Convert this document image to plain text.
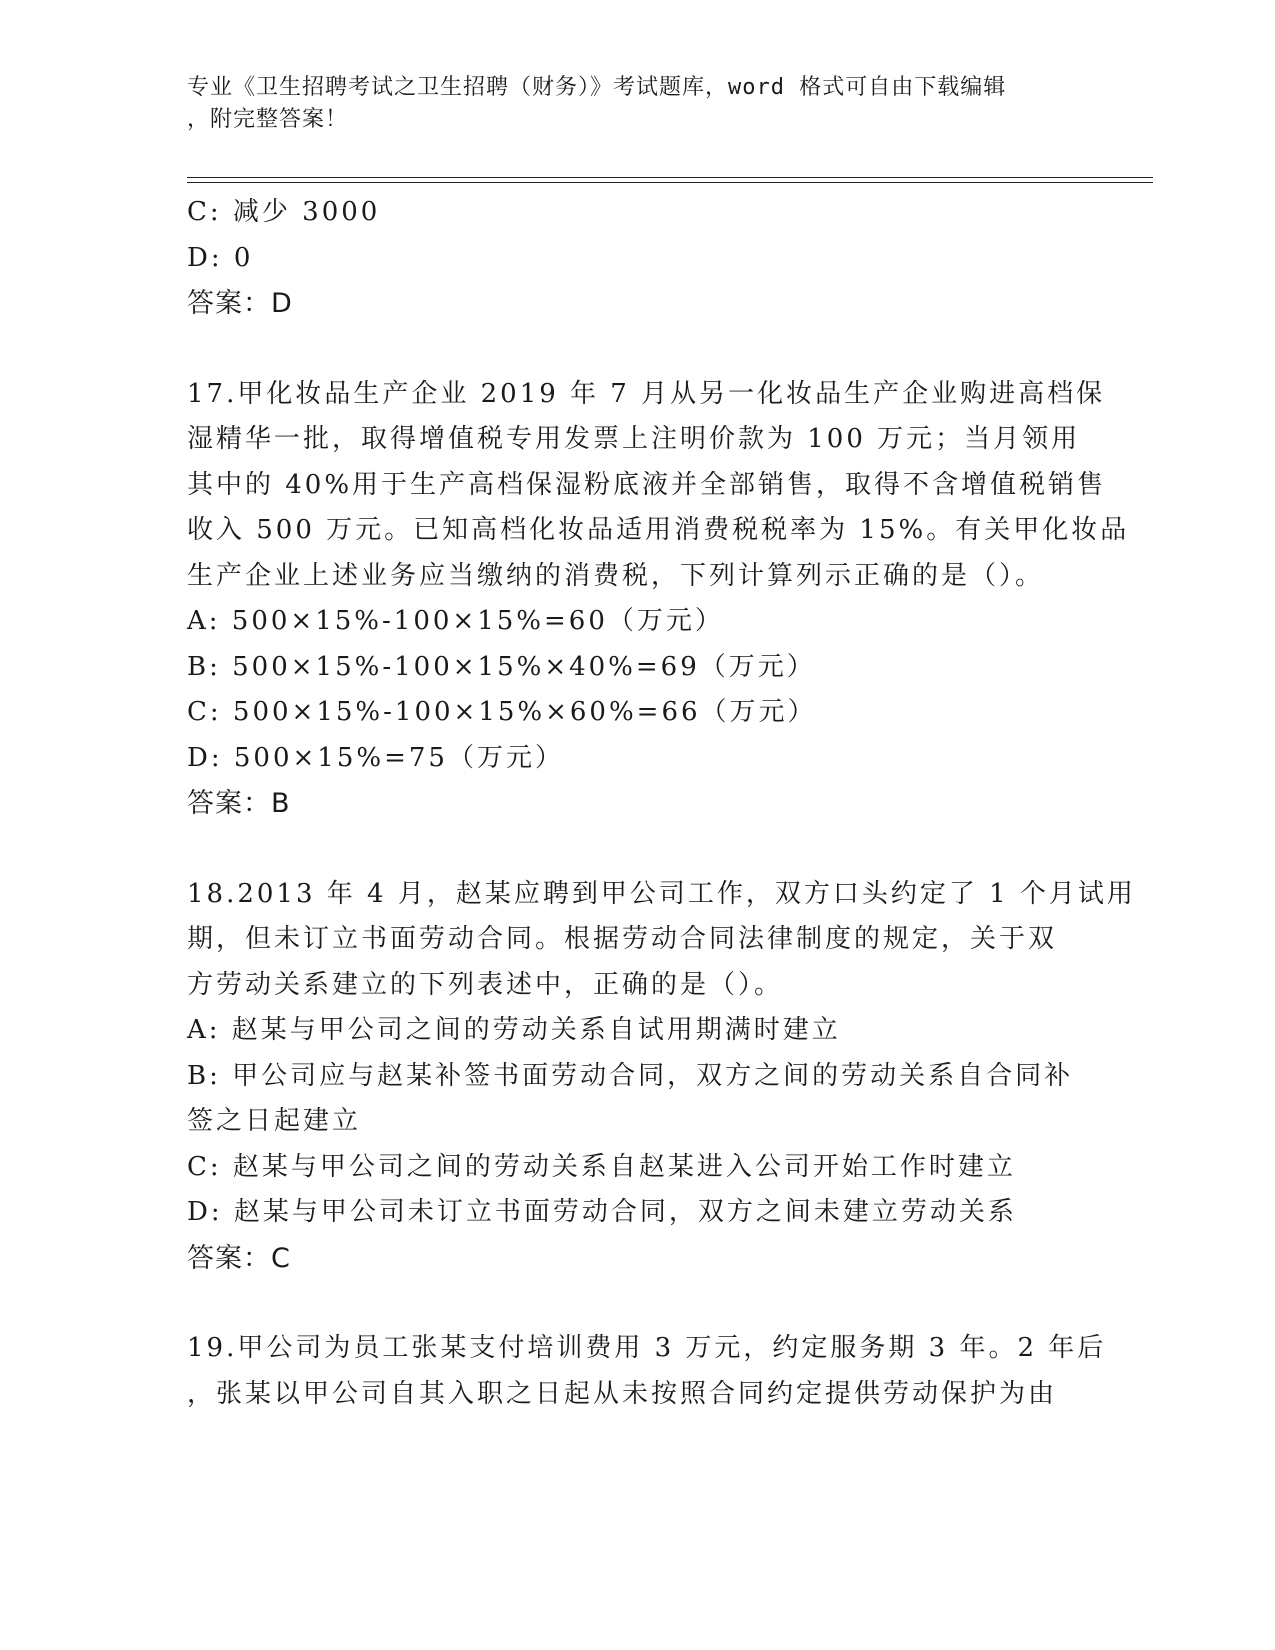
专业《卫生招聘考试之卫生招聘（财务）》考试题库，word 格式可自由下载编辑
，附完整答案！
C: 减少 3000
D: 0
答案：D
17.甲化妆品生产企业 2019 年 7 月从另一化妆品生产企业购进高档保
湿精华一批，取得增值税专用发票上注明价款为 100 万元；当月领用
其中的 40%用于生产高档保湿粉底液并全部销售，取得不含增值税销售
收入 500 万元。已知高档化妆品适用消费税税率为 15%。有关甲化妆品
生产企业上述业务应当缴纳的消费税，下列计算列示正确的是（）。
A: 500×15%-100×15%=60（万元）
B: 500×15%-100×15%×40%=69（万元）
C: 500×15%-100×15%×60%=66（万元）
D: 500×15%=75（万元）
答案：B
18.2013 年 4 月，赵某应聘到甲公司工作，双方口头约定了 1 个月试用
期，但未订立书面劳动合同。根据劳动合同法律制度的规定，关于双
方劳动关系建立的下列表述中，正确的是（）。
A: 赵某与甲公司之间的劳动关系自试用期满时建立
B: 甲公司应与赵某补签书面劳动合同，双方之间的劳动关系自合同补
签之日起建立
C: 赵某与甲公司之间的劳动关系自赵某进入公司开始工作时建立
D: 赵某与甲公司未订立书面劳动合同，双方之间未建立劳动关系
答案：C
19.甲公司为员工张某支付培训费用 3 万元，约定服务期 3 年。2 年后
，张某以甲公司自其入职之日起从未按照合同约定提供劳动保护为由
